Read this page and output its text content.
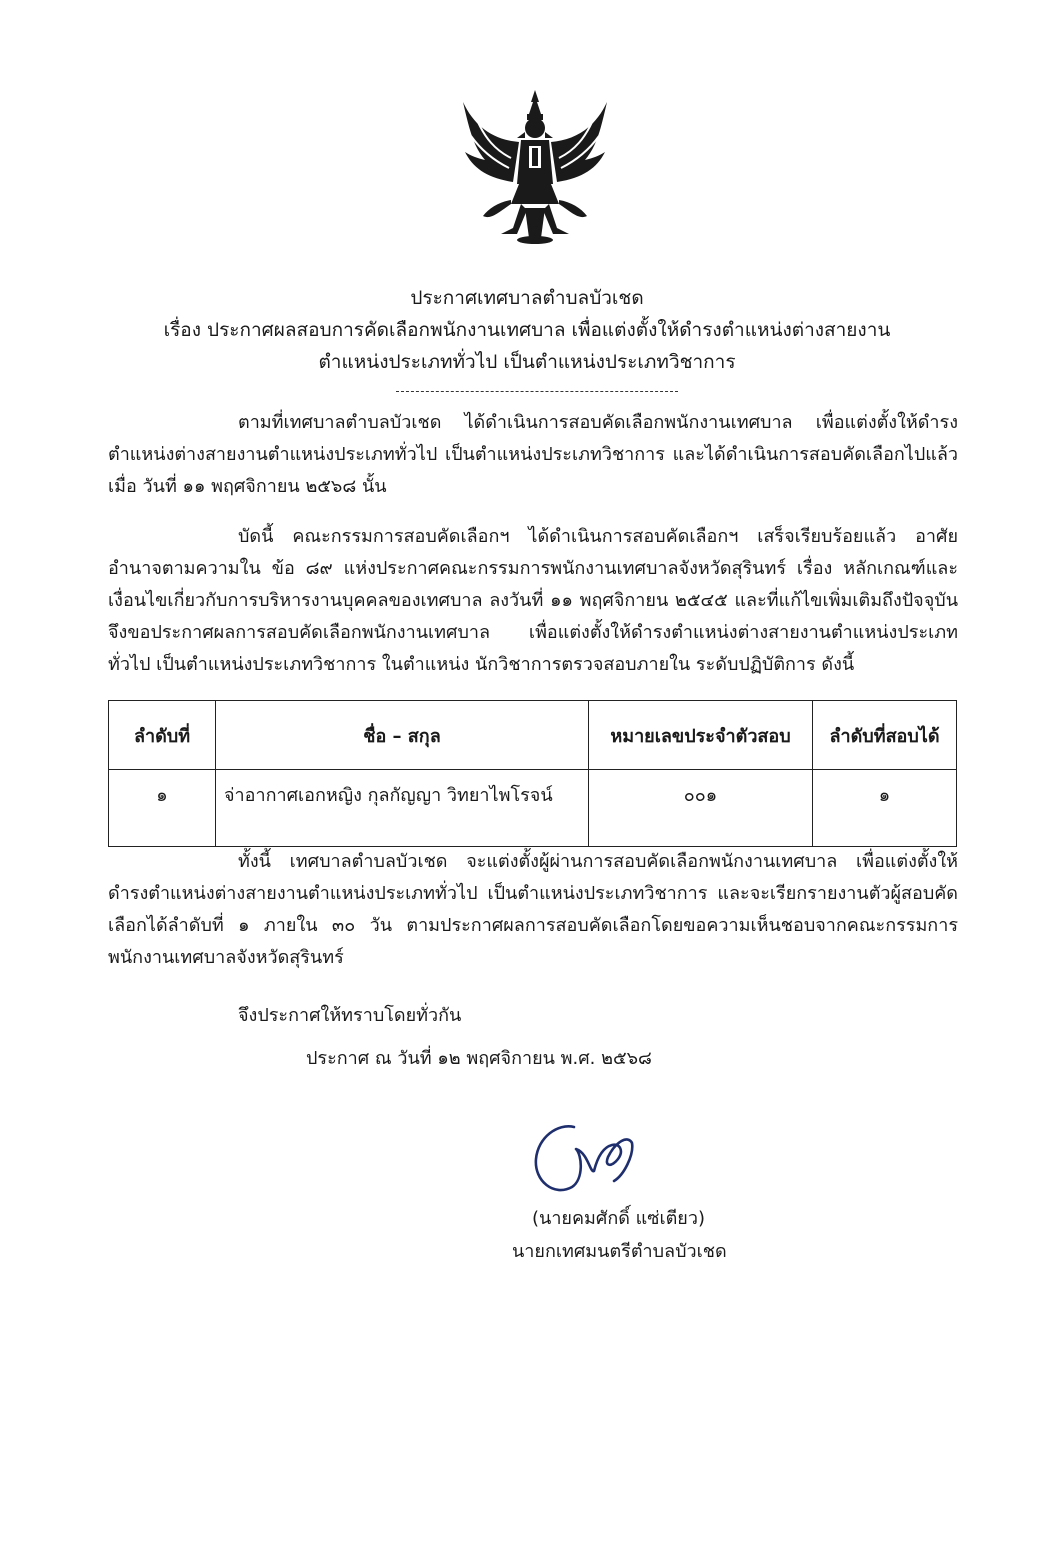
ประกาศเทศบาลตำบลบัวเชด
เรื่อง ประกาศผลสอบการคัดเลือกพนักงานเทศบาล เพื่อแต่งตั้งให้ดำรงตำแหน่งต่างสายงาน
ตำแหน่งประเภททั่วไป เป็นตำแหน่งประเภทวิชาการ

ตามที่เทศบาลตำบลบัวเชด ได้ดำเนินการสอบคัดเลือกพนักงานเทศบาล เพื่อแต่งตั้งให้ดำรงตำแหน่งต่างสายงานตำแหน่งประเภททั่วไป เป็นตำแหน่งประเภทวิชาการ และได้ดำเนินการสอบคัดเลือกไปแล้วเมื่อ วันที่ ๑๑ พฤศจิกายน ๒๕๖๘ นั้น

บัดนี้ คณะกรรมการสอบคัดเลือกฯ ได้ดำเนินการสอบคัดเลือกฯ เสร็จเรียบร้อยแล้ว อาศัยอำนาจตามความใน ข้อ ๘๙ แห่งประกาศคณะกรรมการพนักงานเทศบาลจังหวัดสุรินทร์ เรื่อง หลักเกณฑ์และเงื่อนไขเกี่ยวกับการบริหารงานบุคคลของเทศบาล ลงวันที่ ๑๑ พฤศจิกายน ๒๕๔๕ และที่แก้ไขเพิ่มเติมถึงปัจจุบัน จึงขอประกาศผลการสอบคัดเลือกพนักงานเทศบาล เพื่อแต่งตั้งให้ดำรงตำแหน่งต่างสายงานตำแหน่งประเภททั่วไป เป็นตำแหน่งประเภทวิชาการ ในตำแหน่ง นักวิชาการตรวจสอบภายใน ระดับปฏิบัติการ ดังนี้

ลำดับที่	ชื่อ – สกุล	หมายเลขประจำตัวสอบ	ลำดับที่สอบได้
๑	จ่าอากาศเอกหญิง กุลกัญญา วิทยาไพโรจน์	๐๐๑	๑

ทั้งนี้ เทศบาลตำบลบัวเชด จะแต่งตั้งผู้ผ่านการสอบคัดเลือกพนักงานเทศบาล เพื่อแต่งตั้งให้ดำรงตำแหน่งต่างสายงานตำแหน่งประเภททั่วไป เป็นตำแหน่งประเภทวิชาการ และจะเรียกรายงานตัวผู้สอบคัดเลือกได้ลำดับที่ ๑ ภายใน ๓๐ วัน ตามประกาศผลการสอบคัดเลือกโดยขอความเห็นชอบจากคณะกรรมการพนักงานเทศบาลจังหวัดสุรินทร์

จึงประกาศให้ทราบโดยทั่วกัน
ประกาศ ณ วันที่ ๑๒ พฤศจิกายน พ.ศ. ๒๕๖๘
(นายคมศักดิ์ แซ่เตียว)
นายกเทศมนตรีตำบลบัวเชด
